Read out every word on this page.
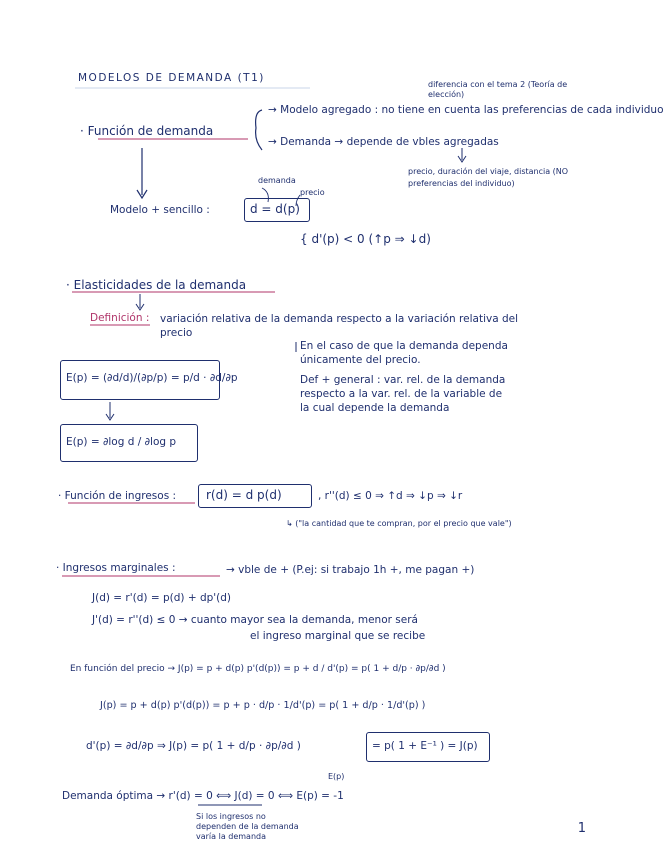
MODELOS DE DEMANDA (T1)
diferencia con el tema 2 (Teoría de elección)
· Función de demanda
→ Modelo agregado : no tiene en cuenta las preferencias de cada individuo
→ Demanda → depende de vbles agregadas
precio, duración del viaje, distancia (NO preferencias del individuo)
demanda
precio
Modelo + sencillo :	d = d(p)
{ d'(p) < 0 (↑p ⇒ ↓d)
· Elasticidades de la demanda
Definición : variación relativa de la demanda respecto a la variación relativa del precio
En el caso de que la demanda dependa
únicamente del precio.
Def + general : var. rel. de la demanda
respecto a la var. rel. de la variable de
la cual depende la demanda
E(p) = (∂d/d)/(∂p/p) = p/d · ∂d/∂p
E(p) = ∂log d / ∂log p
· Función de ingresos : r(d) = d p(d)	, r''(d) ≤ 0 ⇒ ↑d ⇒ ↓p ⇒ ↓r
↳ ("la cantidad que te compran, por el precio que vale")
· Ingresos marginales :	→ vble de + (P.ej: si trabajo 1h +, me pagan +)
J(d) = r'(d) = p(d) + dp'(d)
J'(d) = r''(d) ≤ 0 → cuanto mayor sea la demanda, menor será
el ingreso marginal que se recibe
En función del precio → J(p) = p + d(p) p'(d(p)) = p + d / d'(p) = p( 1 + d/p · ∂p/∂d )
J(p) = p + d(p) p'(d(p)) = p + p · d/p · 1/d'(p) = p( 1 + d/p · 1/d'(p) )
d'(p) = ∂d/∂p ⇒ J(p) = p( 1 + d/p · ∂p/∂d )	= p( 1 + E⁻¹ ) = J(p)
E(p)
Demanda óptima → r'(d) = 0 ⟺ J(d) = 0 ⟺ E(p) = -1
Si los ingresos no
dependen de la demanda
varía la demanda
1
